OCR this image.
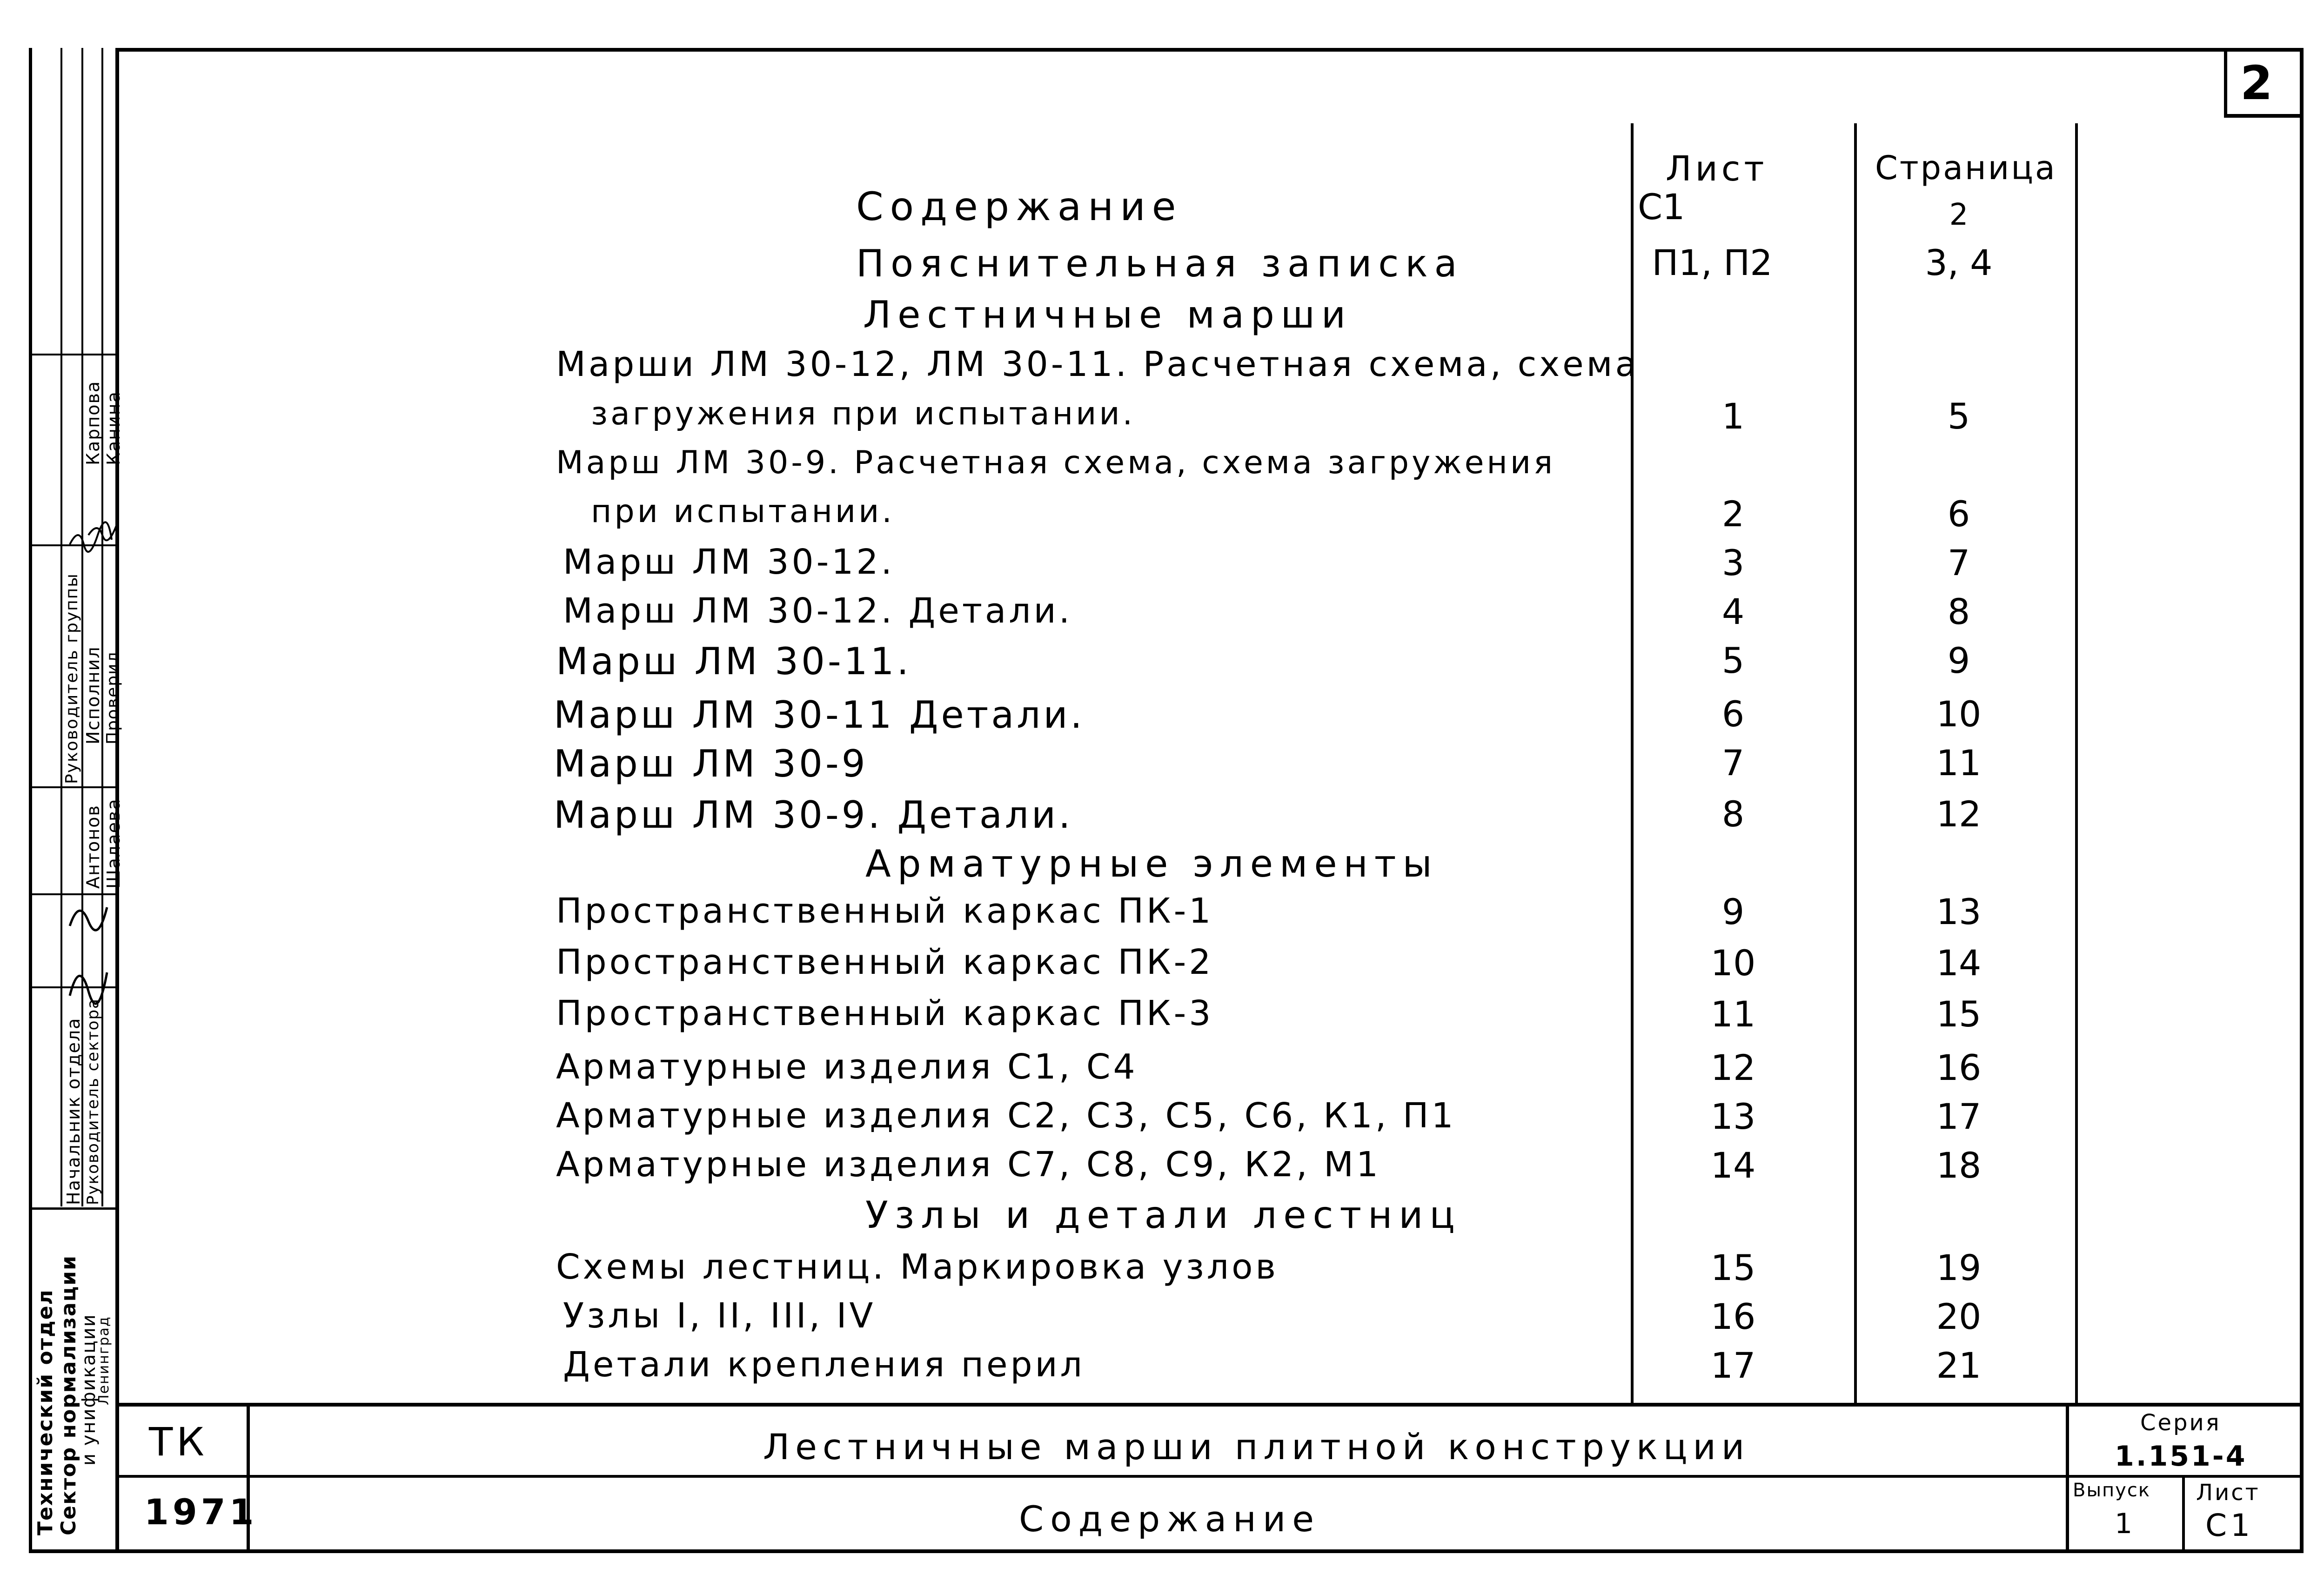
2
Содержание
Лист	Страница
С1	2
Пояснительная записка	П1, П2	3, 4
Лестничные марши
Марши ЛМ 30-12, ЛМ 30-11. Расчетная схема, схема
загружения при испытании.	1	5
Марш ЛМ 30-9. Расчетная схема, схема загружения
при испытании.	2	6
Марш ЛМ 30-12.	3	7
Марш ЛМ 30-12. Детали.	4	8
Марш ЛМ 30-11.	5	9
Марш ЛМ 30-11 Детали.	6	10
Марш ЛМ 30-9	7	11
Марш ЛМ 30-9. Детали.	8	12
Арматурные элементы
Пространственный каркас ПК-1	9	13
Пространственный каркас ПК-2	10	14
Пространственный каркас ПК-3	11	15
Арматурные изделия С1, С4	12	16
Арматурные изделия С2, С3, С5, С6, К1, П1	13	17
Арматурные изделия С7, С8, С9, К2, М1	14	18
Узлы и детали лестниц
Схемы лестниц. Маркировка узлов	15	19
Узлы I, II, III, IV	16	20
Детали крепления перил	17	21
ТК
1971
Лестничные марши плитной конструкции
Содержание
Серия
1.151-4
Выпуск
1
Лист
С1
Технический отдел Сектор нормализации
и унификации
Ленинград
Начальник отдела Руководитель сектора
Руководитель группы Исполнил Проверил
Антонов Шалаева
Карпова Канина
